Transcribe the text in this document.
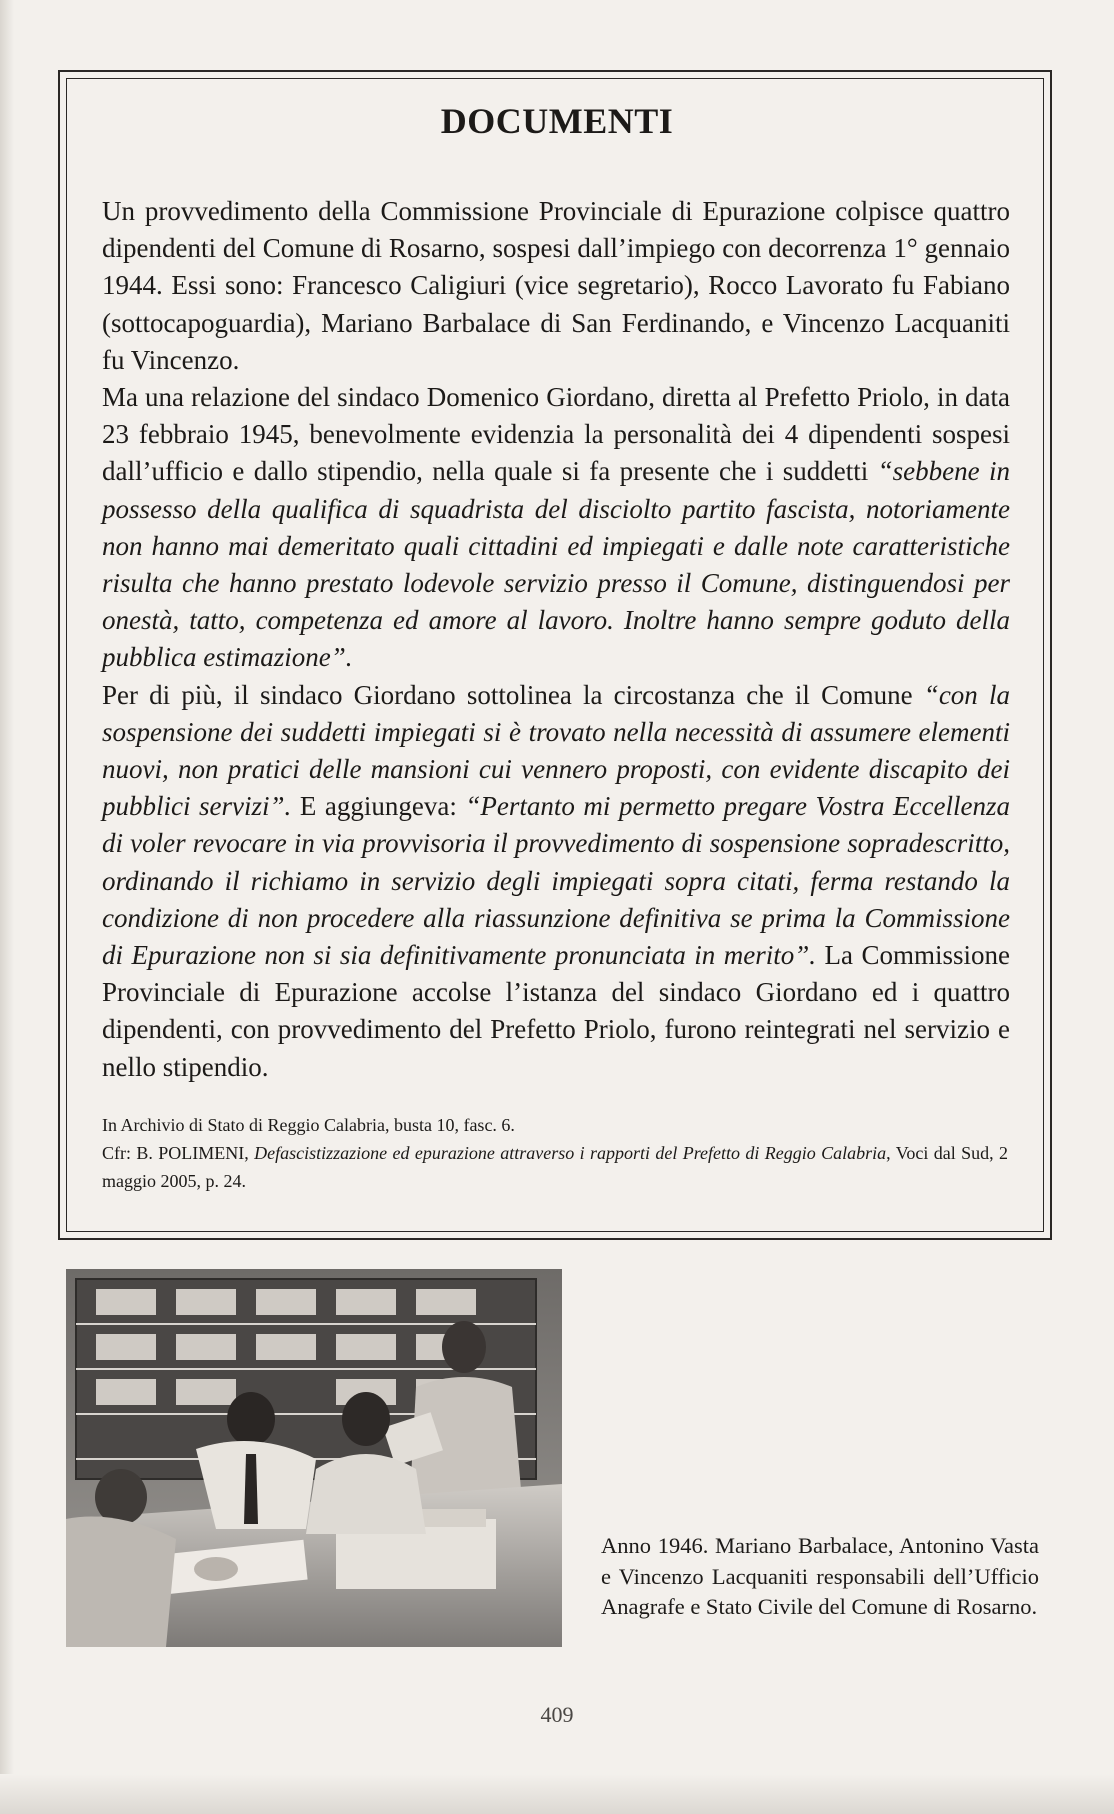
DOCUMENTI

Un provvedimento della Commissione Provinciale di Epurazione colpisce quattro dipendenti del Comune di Rosarno, sospesi dall’impiego con decorrenza 1° gennaio 1944. Essi sono: Francesco Caligiuri (vice segretario), Rocco Lavorato fu Fabiano (sottocapoguardia), Mariano Barbalace di San Ferdinando, e Vincenzo Lacquaniti fu Vincenzo.

Ma una relazione del sindaco Domenico Giordano, diretta al Prefetto Priolo, in data 23 febbraio 1945, benevolmente evidenzia la personalità dei 4 dipendenti sospesi dall’ufficio e dallo stipendio, nella quale si fa presente che i suddetti “sebbene in possesso della qualifica di squadrista del disciolto partito fascista, notoriamente non hanno mai demeritato quali cittadini ed impiegati e dalle note caratteristiche risulta che hanno prestato lodevole servizio presso il Comune, distinguendosi per onestà, tatto, competenza ed amore al lavoro. Inoltre hanno sempre goduto della pubblica estimazione”.

Per di più, il sindaco Giordano sottolinea la circostanza che il Comune “con la sospensione dei suddetti impiegati si è trovato nella necessità di assumere elementi nuovi, non pratici delle mansioni cui vennero proposti, con evidente discapito dei pubblici servizi”. E aggiungeva: “Pertanto mi permetto pregare Vostra Eccellenza di voler revocare in via provvisoria il provvedimento di sospensione sopradescritto, ordinando il richiamo in servizio degli impiegati sopra citati, ferma restando la condizione di non procedere alla riassunzione definitiva se prima la Commissione di Epurazione non si sia definitivamente pronunciata in merito”. La Commissione Provinciale di Epurazione accolse l’istanza del sindaco Giordano ed i quattro dipendenti, con provvedimento del Prefetto Priolo, furono reintegrati nel servizio e nello stipendio.

In Archivio di Stato di Reggio Calabria, busta 10, fasc. 6.

Cfr: B. POLIMENI, Defascistizzazione ed epurazione attraverso i rapporti del Prefetto di Reggio Calabria, Voci dal Sud, 2 maggio 2005, p. 24.

Anno 1946. Mariano Barbalace, Antonino Vasta e Vincenzo Lacquaniti responsabili dell’Ufficio Anagrafe e Stato Civile del Comune di Rosarno.
409
